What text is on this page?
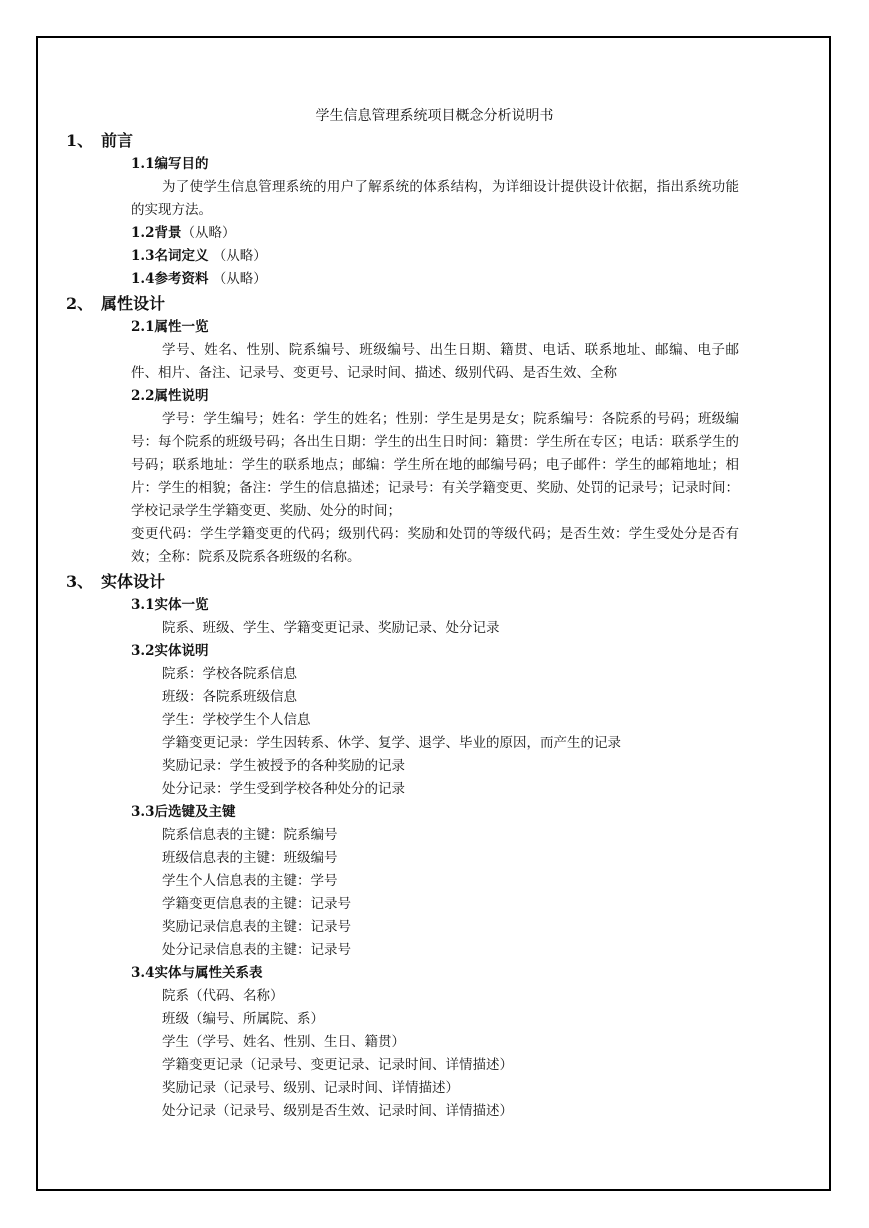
学生信息管理系统项目概念分析说明书
1、 前言
1.1编写目的
为了使学生信息管理系统的用户了解系统的体系结构，为详细设计提供设计依据，指出系统功能的实现方法。
1.2背景（从略）
1.3名词定义 （从略）
1.4参考资料 （从略）
2、 属性设计
2.1属性一览
学号、姓名、性别、院系编号、班级编号、出生日期、籍贯、电话、联系地址、邮编、电子邮件、相片、备注、记录号、变更号、记录时间、描述、级别代码、是否生效、全称
2.2属性说明
学号：学生编号；姓名：学生的姓名；性别：学生是男是女；院系编号：各院系的号码；班级编号：每个院系的班级号码；各出生日期：学生的出生日时间：籍贯：学生所在专区；电话：联系学生的号码；联系地址：学生的联系地点；邮编：学生所在地的邮编号码；电子邮件：学生的邮箱地址；相片：学生的相貌；备注：学生的信息描述；记录号：有关学籍变更、奖励、处罚的记录号；记录时间：学校记录学生学籍变更、奖励、处分的时间；
变更代码：学生学籍变更的代码；级别代码：奖励和处罚的等级代码；是否生效：学生受处分是否有效；全称：院系及院系各班级的名称。
3、 实体设计
3.1实体一览
院系、班级、学生、学籍变更记录、奖励记录、处分记录
3.2实体说明
院系：学校各院系信息
班级：各院系班级信息
学生：学校学生个人信息
学籍变更记录：学生因转系、休学、复学、退学、毕业的原因，而产生的记录
奖励记录：学生被授予的各种奖励的记录
处分记录：学生受到学校各种处分的记录
3.3后选键及主键
院系信息表的主键：院系编号
班级信息表的主键：班级编号
学生个人信息表的主键：学号
学籍变更信息表的主键：记录号
奖励记录信息表的主键：记录号
处分记录信息表的主键：记录号
3.4实体与属性关系表
院系（代码、名称）
班级（编号、所属院、系）
学生（学号、姓名、性别、生日、籍贯）
学籍变更记录（记录号、变更记录、记录时间、详情描述）
奖励记录（记录号、级别、记录时间、详情描述）
处分记录（记录号、级别是否生效、记录时间、详情描述）
